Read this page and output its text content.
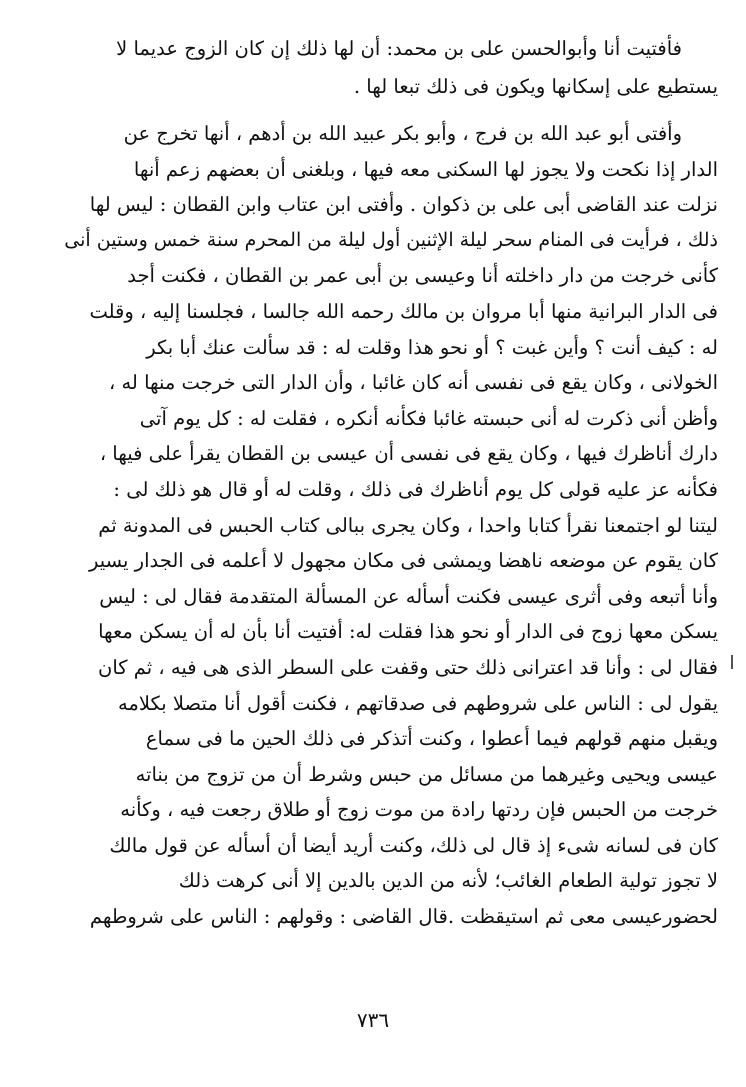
فأفتيت أنا وأبوالحسن على بن محمد: أن لها ذلك إن كان الزوج عديما لا
يستطيع على إسكانها ويكون فى ذلك تبعا لها .
وأفتى أبو عبد الله بن فرج ، وأبو بكر عبيد الله بن أدهم ، أنها تخرج عن
الدار إذا نكحت ولا يجوز لها السكنى معه فيها ، وبلغنى أن بعضهم زعم أنها
نزلت عند القاضى أبى على بن ذكوان . وأفتى ابن عتاب وابن القطان : ليس لها
ذلك ، فرأيت فى المنام سحر ليلة الإثنين أول ليلة من المحرم سنة خمس وستين أنى
كأنى خرجت من دار داخلته أنا وعيسى بن أبى عمر بن القطان ، فكنت أجد
فى الدار البرانية منها أبا مروان بن مالك رحمه الله جالسا ، فجلسنا إليه ، وقلت
له : كيف أنت ؟ وأين غبت ؟ أو نحو هذا وقلت له : قد سألت عنك أبا بكر
الخولانى ، وكان يقع فى نفسى أنه كان غائبا ، وأن الدار التى خرجت منها له ،
وأظن أنى ذكرت له أنى حبسته غائبا فكأنه أنكره ، فقلت له : كل يوم آتى
دارك أناظرك فيها ، وكان يقع فى نفسى أن عيسى بن القطان يقرأ على فيها ،
فكأنه عز عليه قولى كل يوم أناظرك فى ذلك ، وقلت له أو قال هو ذلك لى :
ليتنا لو اجتمعنا نقرأ كتابا واحدا ، وكان يجرى ببالى كتاب الحبس فى المدونة ثم
كان يقوم عن موضعه ناهضا ويمشى فى مكان مجهول لا أعلمه فى الجدار يسير
وأنا أتبعه وفى أثرى عيسى فكنت أسأله عن المسألة المتقدمة فقال لى : ليس
يسكن معها زوج فى الدار أو نحو هذا فقلت له: أفتيت أنا بأن له أن يسكن معها
فقال لى : وأنا قد اعترانى ذلك حتى وقفت على السطر الذى هى فيه ، ثم كان
يقول لى : الناس على شروطهم فى صدقاتهم ، فكنت أقول أنا متصلا بكلامه
ويقبل منهم قولهم فيما أعطوا ، وكنت أتذكر فى ذلك الحين ما فى سماع
عيسى ويحيى وغيرهما من مسائل من حبس وشرط أن من تزوج من بناته
خرجت من الحبس فإن ردتها رادة من موت زوج أو طلاق رجعت فيه ، وكأنه
كان فى لسانه شىء إذ قال لى ذلك، وكنت أريد أيضا أن أسأله عن قول مالك
لا تجوز تولية الطعام الغائب؛ لأنه من الدين بالدين إلا أنى كرهت ذلك
لحضورعيسى معى ثم استيقظت .قال القاضى : وقولهم : الناس على شروطهم
٧٣٦
